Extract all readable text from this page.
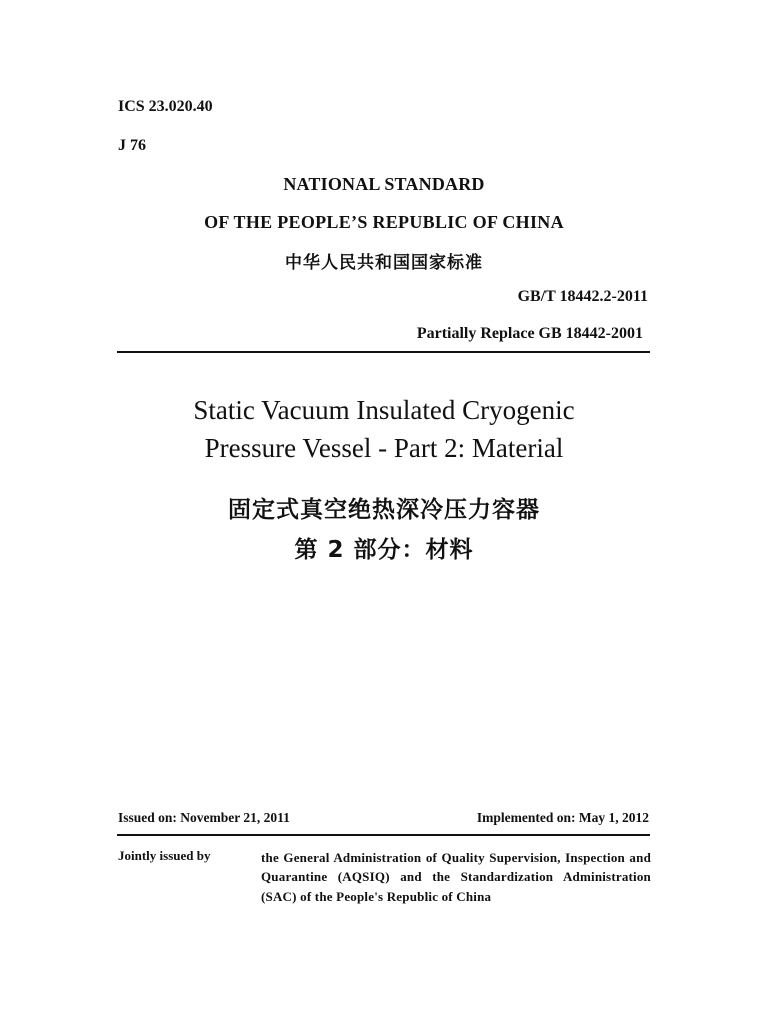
ICS 23.020.40
J 76
NATIONAL STANDARD
OF THE PEOPLE’S REPUBLIC OF CHINA
中华人民共和国国家标准
GB/T 18442.2-2011
Partially Replace GB 18442-2001
Static Vacuum Insulated Cryogenic
Pressure Vessel - Part 2: Material
固定式真空绝热深冷压力容器
第 2 部分：材料
Issued on: November 21, 2011	Implemented on: May 1, 2012
Jointly issued by	the General Administration of Quality Supervision, Inspection and Quarantine (AQSIQ) and the Standardization Administration (SAC) of the People's Republic of China
